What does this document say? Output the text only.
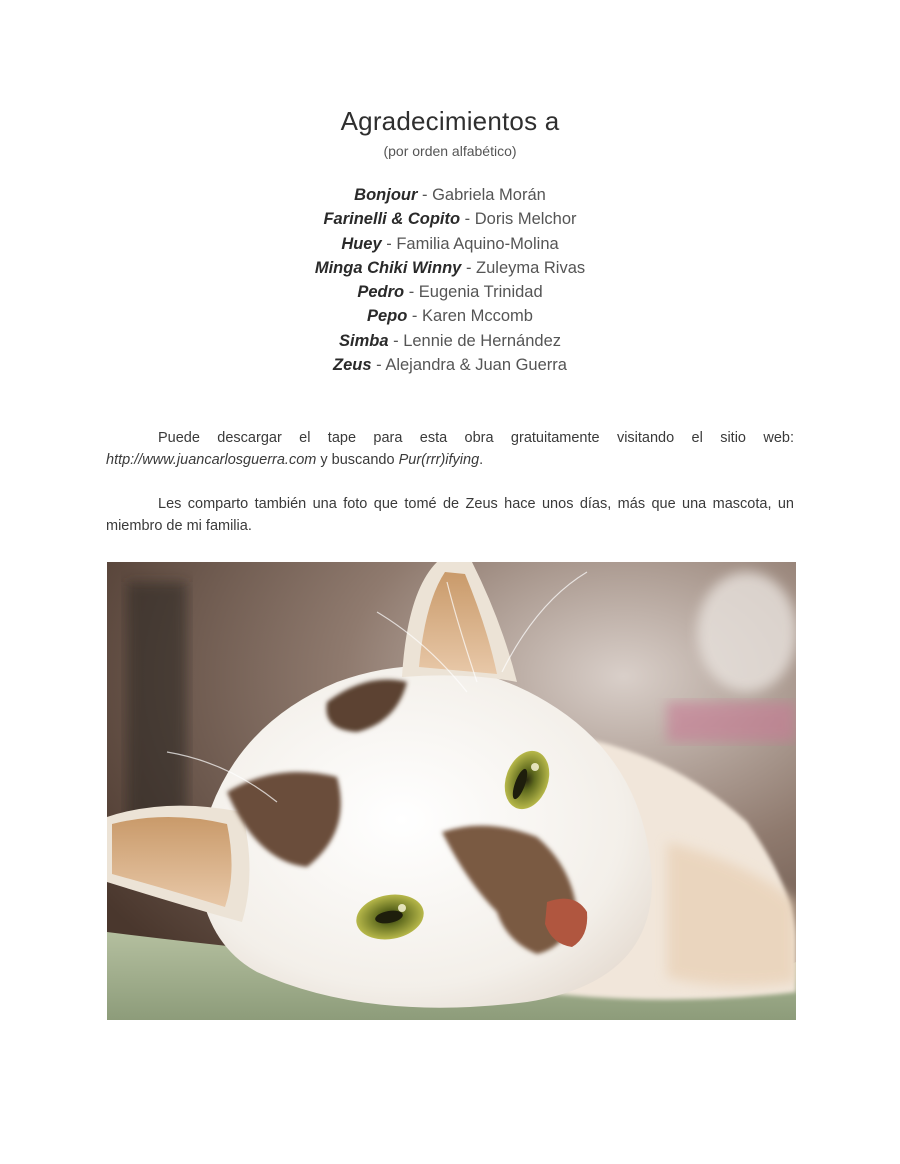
Agradecimientos a
(por orden alfabético)
Bonjour - Gabriela Morán
Farinelli & Copito - Doris Melchor
Huey - Familia Aquino-Molina
Minga Chiki Winny - Zuleyma Rivas
Pedro - Eugenia Trinidad
Pepo - Karen Mccomb
Simba - Lennie de Hernández
Zeus - Alejandra & Juan Guerra

Puede descargar el tape para esta obra gratuitamente visitando el sitio web: http://www.juancarlosguerra.com y buscando Pur(rrr)ifying.

Les comparto también una foto que tomé de Zeus hace unos días, más que una mascota, un miembro de mi familia.
